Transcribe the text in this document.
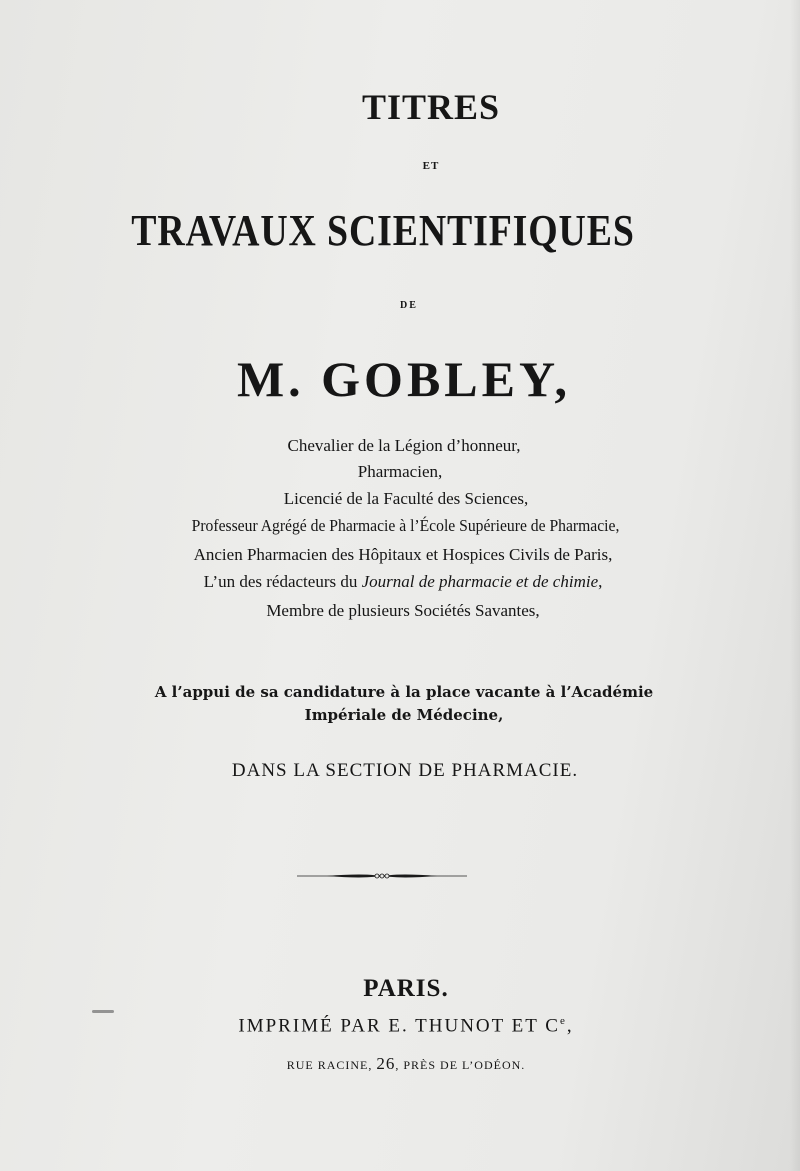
TITRES
ET
TRAVAUX SCIENTIFIQUES
DE
M. GOBLEY,
Chevalier de la Légion d’honneur,
Pharmacien,
Licencié de la Faculté des Sciences,
Professeur Agrégé de Pharmacie à l’École Supérieure de Pharmacie,
Ancien Pharmacien des Hôpitaux et Hospices Civils de Paris,
L’un des rédacteurs du Journal de pharmacie et de chimie,
Membre de plusieurs Sociétés Savantes,
A l’appui de sa candidature à la place vacante à l’Académie
Impériale de Médecine,
DANS LA SECTION DE PHARMACIE.
PARIS.
IMPRIMÉ PAR E. THUNOT ET Ce,
RUE RACINE, 26, PRÈS DE L’ODÉON.
